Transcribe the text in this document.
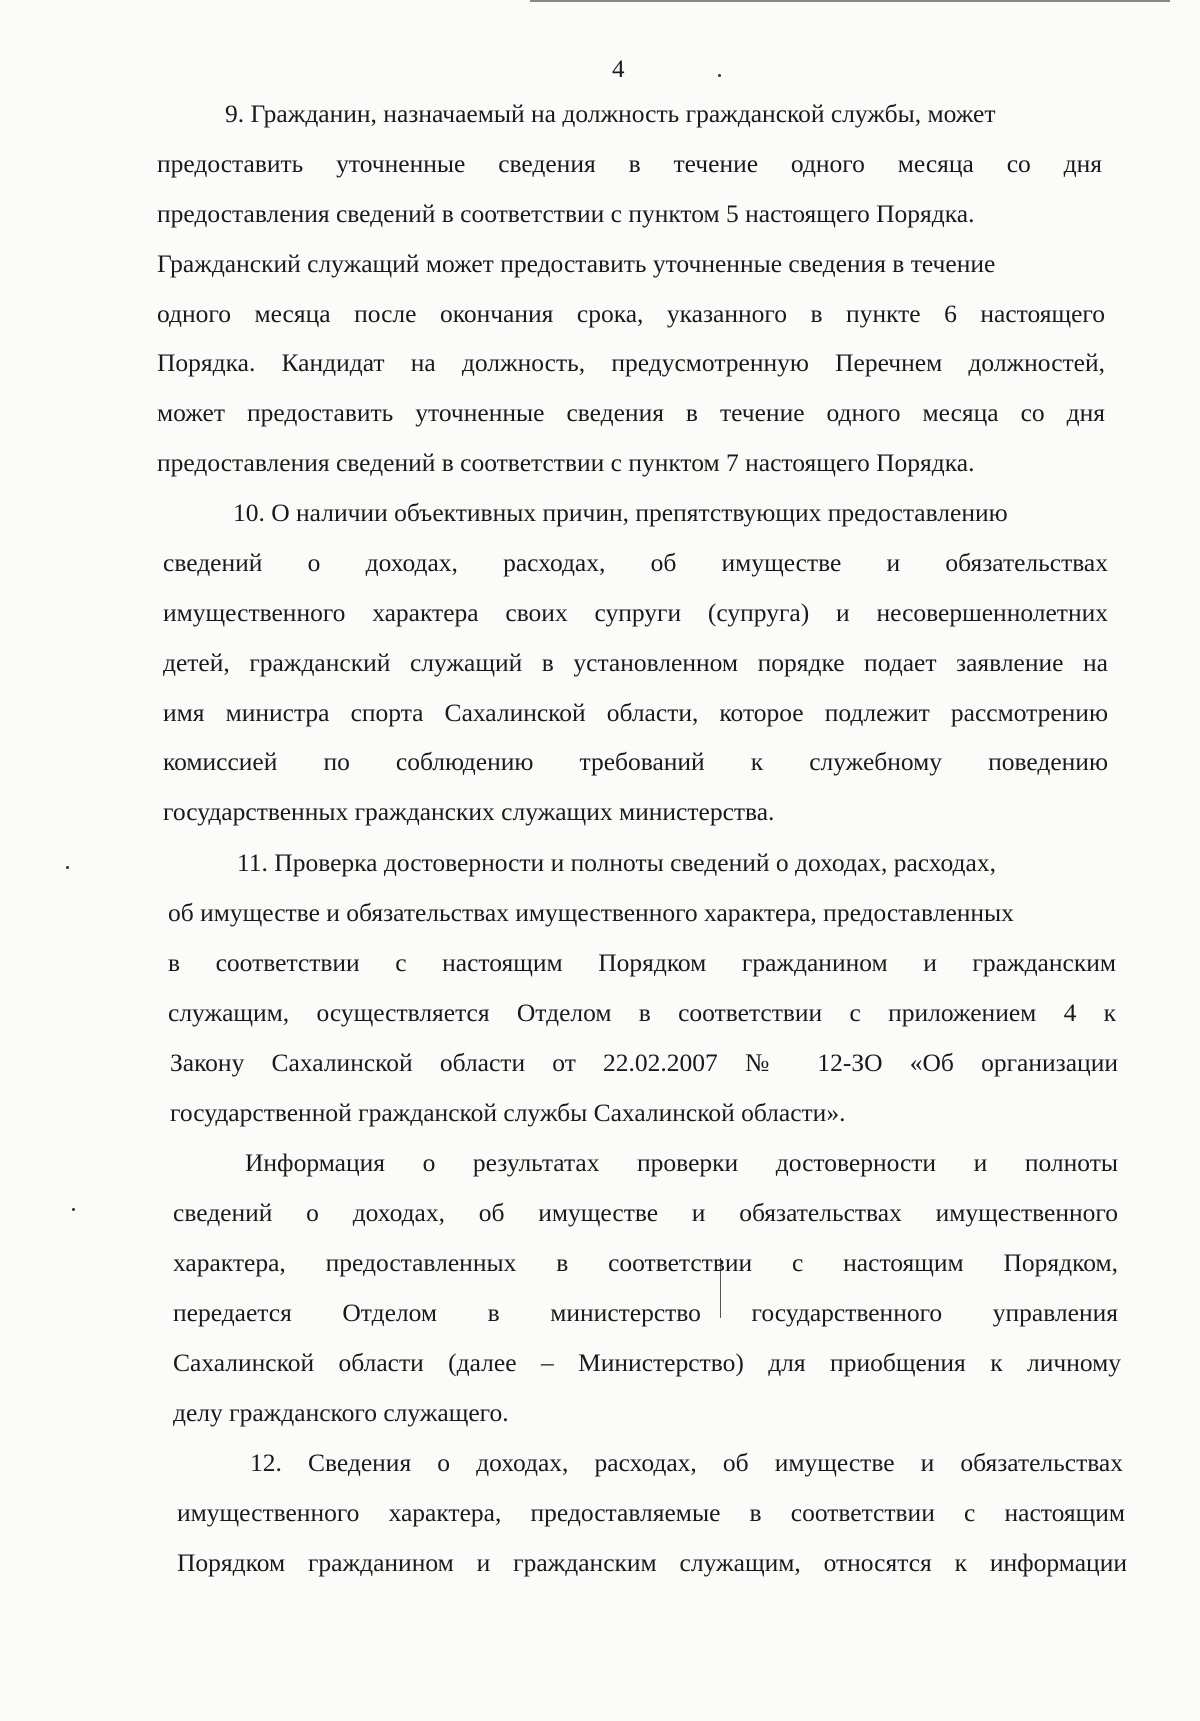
4
9. Гражданин, назначаемый на должность гражданской службы, может
предоставить уточненные сведения в течение одного месяца со дня
предоставления сведений в соответствии с пунктом 5 настоящего Порядка.
Гражданский служащий может предоставить уточненные сведения в течение
одного месяца после окончания срока, указанного в пункте 6 настоящего
Порядка. Кандидат на должность, предусмотренную Перечнем должностей,
может предоставить уточненные сведения в течение одного месяца со дня
предоставления сведений в соответствии с пунктом 7 настоящего Порядка.
10. О наличии объективных причин, препятствующих предоставлению
сведений о доходах, расходах, об имуществе и обязательствах
имущественного характера своих супруги (супруга) и несовершеннолетних
детей, гражданский служащий в установленном порядке подает заявление на
имя министра спорта Сахалинской области, которое подлежит рассмотрению
комиссией по соблюдению требований к служебному поведению
государственных гражданских служащих министерства.
11. Проверка достоверности и полноты сведений о доходах, расходах,
об имуществе и обязательствах имущественного характера, предоставленных
в соответствии с настоящим Порядком гражданином и гражданским
служащим, осуществляется Отделом в соответствии с приложением 4 к
Закону Сахалинской области от 22.02.2007 № 12-ЗО «Об организации
государственной гражданской службы Сахалинской области».
Информация о результатах проверки достоверности и полноты
сведений о доходах, об имуществе и обязательствах имущественного
характера, предоставленных в соответствии с настоящим Порядком,
передается Отделом в министерство государственного управления
Сахалинской области (далее – Министерство) для приобщения к личному
делу гражданского служащего.
12. Сведения о доходах, расходах, об имуществе и обязательствах
имущественного характера, предоставляемые в соответствии с настоящим
Порядком гражданином и гражданским служащим, относятся к информации
